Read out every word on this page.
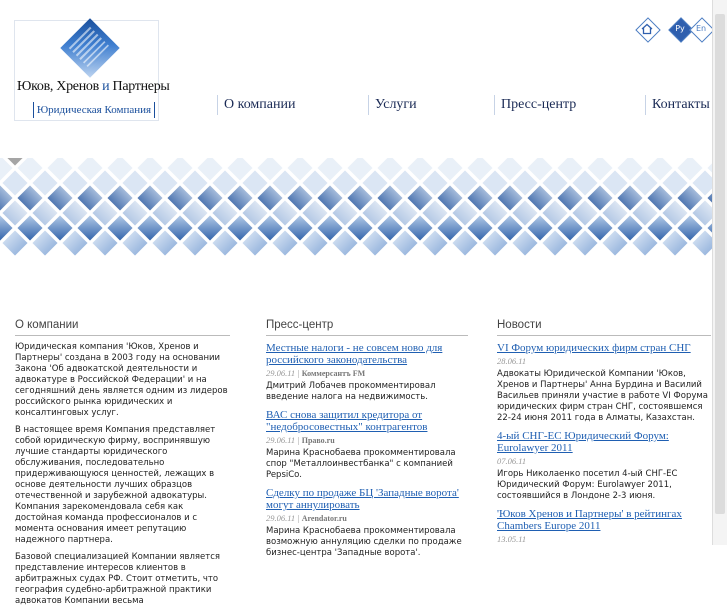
Юков, Хренов и Партнеры
Юридическая Компания
Ру	En
О компании	Услуги	Пресс-центр	Контакты
О компании

Юридическая компания 'Юков, Хренов и Партнеры' создана в 2003 году на основании Закона 'Об адвокатской деятельности и адвокатуре в Российской Федерации' и на сегодняшний день является одним из лидеров российского рынка юридических и консалтинговых услуг.

В настоящее время Компания представляет собой юридическую фирму, воспринявшую лучшие стандарты юридического обслуживания, последовательно придерживающуюся ценностей, лежащих в основе деятельности лучших образцов отечественной и зарубежной адвокатуры. Компания зарекомендовала себя как достойная команда профессионалов и с момента основания имеет репутацию надежного партнера.

Базовой специализацией Компании является представление интересов клиентов в арбитражных судах РФ. Стоит отметить, что география судебно-арбитражной практики адвокатов Компании весьма

Пресс-центр
Местные налоги - не совсем ново для российского законодательства
29.06.11 | Коммерсантъ FM
Дмитрий Лобачев прокомментировал введение налога на недвижимость.
ВАС снова защитил кредитора от "недобросовестных" контрагентов
29.06.11 | Право.ru
Марина Краснобаева прокомментировала спор "Металлоинвестбанка" с компанией PepsiCo.
Сделку по продаже БЦ 'Западные ворота' могут аннулировать
29.06.11 | Arendator.ru
Марина Краснобаева прокомментировала возможную аннуляцию сделки по продаже бизнес-центра 'Западные ворота'.
Новости
VI Форум юридических фирм стран СНГ
28.06.11
Адвокаты Юридической Компании 'Юков, Хренов и Партнеры' Анна Бурдина и Василий Васильев приняли участие в работе VI Форума юридических фирм стран СНГ, состоявшемся 22-24 июня 2011 года в Алматы, Казахстан.
4-ый СНГ-ЕС Юридический Форум: Eurolawyer 2011
07.06.11
Игорь Николаенко посетил 4-ый СНГ-ЕС Юридический Форум: Eurolawyer 2011, состоявшийся в Лондоне 2-3 июня.
'Юков Хренов и Партнеры' в рейтингах Chambers Europe 2011
13.05.11
